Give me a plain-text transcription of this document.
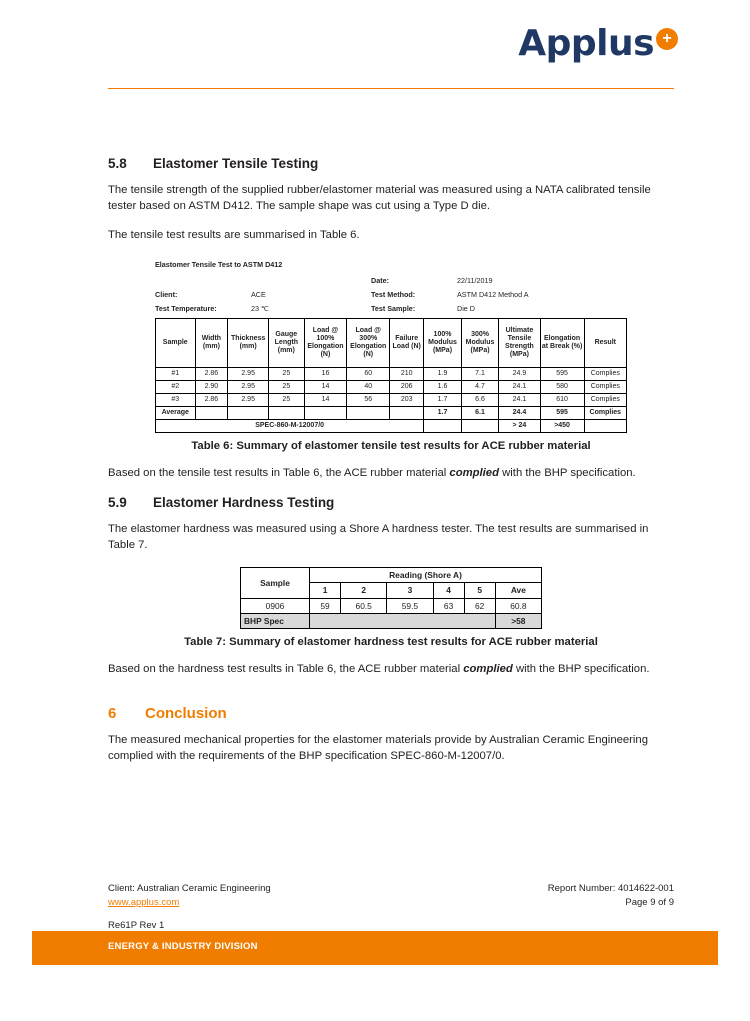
Applus +
5.8 Elastomer Tensile Testing

The tensile strength of the supplied rubber/elastomer material was measured using a NATA calibrated tensile tester based on ASTM D412. The sample shape was cut using a Type D die.

The tensile test results are summarised in Table 6.

Elastomer Tensile Test to ASTM D412
Date:	22/11/2019
Client:	ACE	Test Method:	ASTM D412 Method A
Test Temperature:	23 ℃	Test Sample:	Die D
Sample	Width (mm)	Thickness (mm)	Gauge Length (mm)	Load @ 100% Elongation (N)	Load @ 300% Elongation (N)	Failure Load (N)	100% Modulus (MPa)	300% Modulus (MPa)	Ultimate Tensile Strength (MPa)	Elongation at Break (%)	Result
#1	2.86	2.95	25	16	60	210	1.9	7.1	24.9	595	Complies
#2	2.90	2.95	25	14	40	206	1.6	4.7	24.1	580	Complies
#3	2.86	2.95	25	14	56	203	1.7	6.6	24.1	610	Complies
Average							1.7	6.1	24.4	595	Complies
SPEC-860-M-12007/0									> 24	>450	
Table 6: Summary of elastomer tensile test results for ACE rubber material

Based on the tensile test results in Table 6, the ACE rubber material complied with the BHP specification.

5.9 Elastomer Hardness Testing

The elastomer hardness was measured using a Shore A hardness tester. The test results are summarised in Table 7.

Sample	Reading (Shore A)					
	1	2	3	4	5	Ave
0906	59	60.5	59.5	63	62	60.8
BHP Spec						>58
Table 7: Summary of elastomer hardness test results for ACE rubber material

Based on the hardness test results in Table 6, the ACE rubber material complied with the BHP specification.

6 Conclusion

The measured mechanical properties for the elastomer materials provide by Australian Ceramic Engineering complied with the requirements of the BHP specification SPEC-860-M-12007/0.

Client: Australian Ceramic Engineering
www.applus.com
Report Number: 4014622-001
Page 9 of 9
Re61P Rev 1
ENERGY & INDUSTRY DIVISION
